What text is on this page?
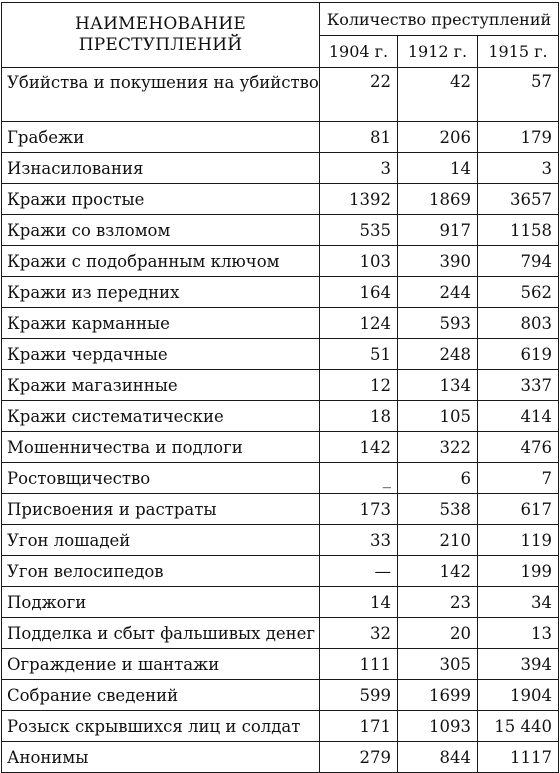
НАИМЕНОВАНИЕ
ПРЕСТУПЛЕНИЙ	Количество преступлений		
	1904 г.	1912 г.	1915 г.

Убийства и покушения на убийство	22	42	57

Грабежи	81	206	179

Изнасилования	3	14	3

Кражи простые	1392	1869	3657

Кражи со взломом	535	917	1158

Кражи с подобранным ключом	103	390	794

Кражи из передних	164	244	562

Кражи карманные	124	593	803

Кражи чердачные	51	248	619

Кражи магазинные	12	134	337

Кражи систематические	18	105	414

Мошенничества и подлоги	142	322	476

Ростовщичество	_	6	7

Присвоения и растраты	173	538	617

Угон лошадей	33	210	119

Угон велосипедов	—	142	199

Поджоги	14	23	34

Подделка и сбыт фальшивых денег	32	20	13

Ограждение и шантажи	111	305	394

Собрание сведений	599	1699	1904

Розыск скрывшихся лиц и солдат	171	1093	15 440

Анонимы	279	844	1117
